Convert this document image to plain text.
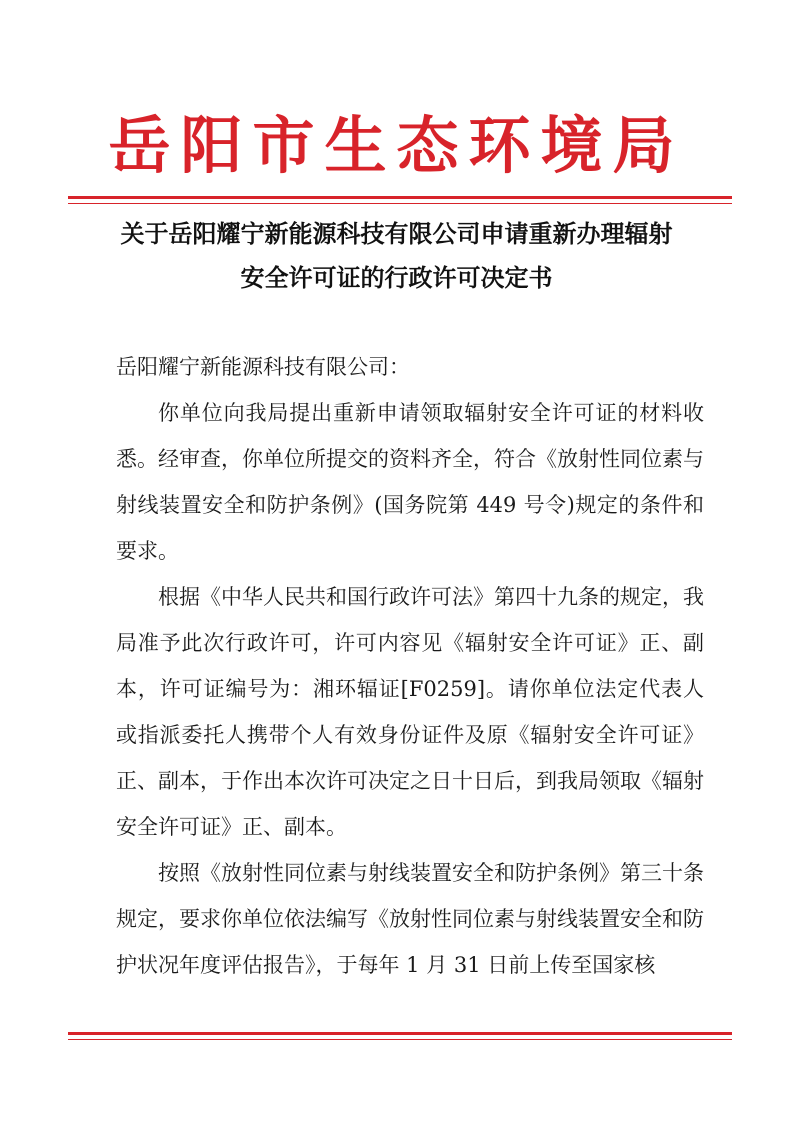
岳阳市生态环境局
关于岳阳耀宁新能源科技有限公司申请重新办理辐射
安全许可证的行政许可决定书

岳阳耀宁新能源科技有限公司：

你单位向我局提出重新申请领取辐射安全许可证的材料收悉。经审查，你单位所提交的资料齐全，符合《放射性同位素与射线装置安全和防护条例》(国务院第 449 号令)规定的条件和要求。

根据《中华人民共和国行政许可法》第四十九条的规定，我局准予此次行政许可，许可内容见《辐射安全许可证》正、副本，许可证编号为：湘环辐证[F0259]。请你单位法定代表人或指派委托人携带个人有效身份证件及原《辐射安全许可证》正、副本，于作出本次许可决定之日十日后，到我局领取《辐射安全许可证》正、副本。

按照《放射性同位素与射线装置安全和防护条例》第三十条规定，要求你单位依法编写《放射性同位素与射线装置安全和防护状况年度评估报告》，于每年 1 月 31 日前上传至国家核
